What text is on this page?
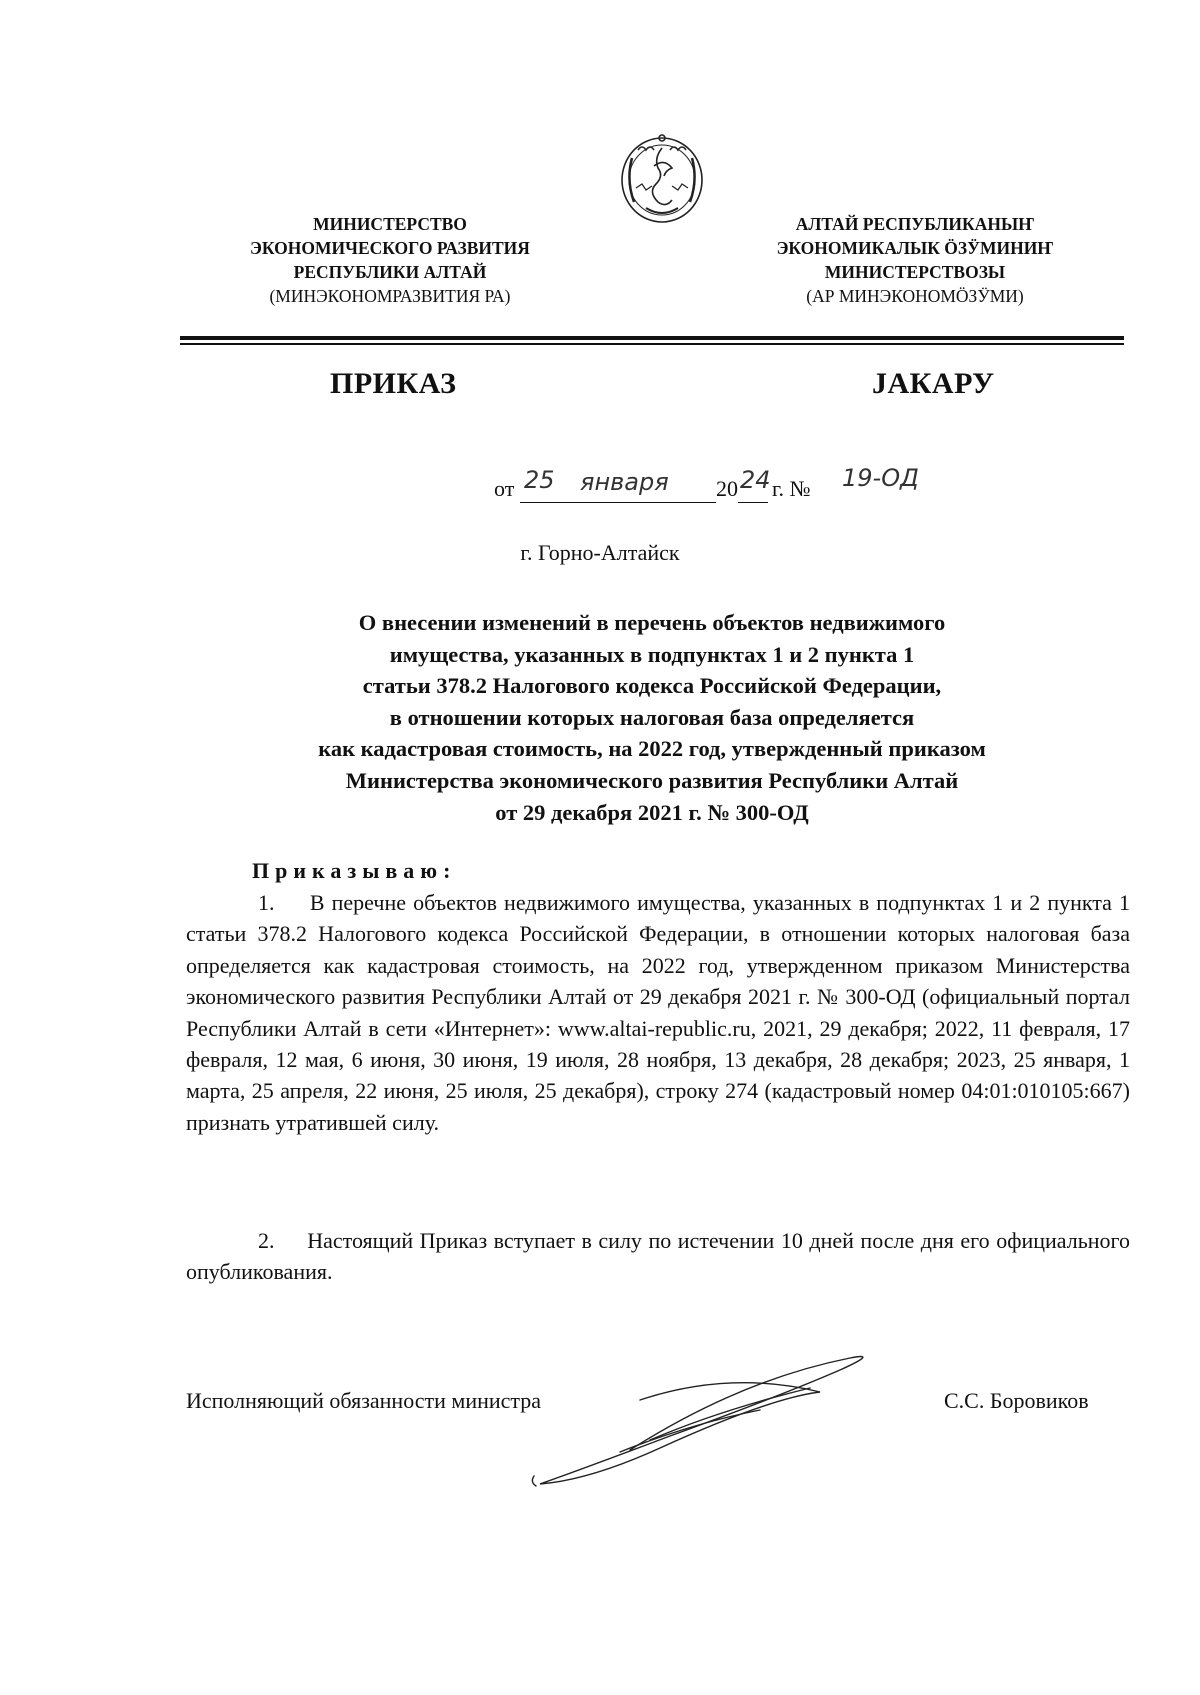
МИНИСТЕРСТВО
ЭКОНОМИЧЕСКОГО РАЗВИТИЯ
РЕСПУБЛИКИ АЛТАЙ
(МИНЭКОНОМРАЗВИТИЯ РА)
АЛТАЙ РЕСПУБЛИКАНЫҤ
ЭКОНОМИКАЛЫК ÖЗӰМИНИҤ
МИНИСТЕРСТВОЗЫ
(АР МИНЭКОНОМÖЗӰМИ)
ПРИКАЗ	ЈАКАРУ
от 25 января 20 24 г. № 19-ОД
г. Горно-Алтайск
О внесении изменений в перечень объектов недвижимого
имущества, указанных в подпунктах 1 и 2 пункта 1
статьи 378.2 Налогового кодекса Российской Федерации,
в отношении которых налоговая база определяется
как кадастровая стоимость, на 2022 год, утвержденный приказом
Министерства экономического развития Республики Алтай
от 29 декабря 2021 г. № 300-ОД
Приказываю:
1.     В перечне объектов недвижимого имущества, указанных в подпунктах 1 и 2 пункта 1 статьи 378.2 Налогового кодекса Российской Федерации, в отношении которых налоговая база определяется как кадастровая стоимость, на 2022 год, утвержденном приказом Министерства экономического развития Республики Алтай от 29 декабря 2021 г. № 300-ОД (официальный портал Республики Алтай в сети «Интернет»: www.altai-republic.ru, 2021, 29 декабря; 2022, 11 февраля, 17 февраля, 12 мая, 6 июня, 30 июня, 19 июля, 28 ноября, 13 декабря, 28 декабря; 2023, 25 января, 1 марта, 25 апреля, 22 июня, 25 июля, 25 декабря), строку 274 (кадастровый номер 04:01:010105:667) признать утратившей силу.
2.     Настоящий Приказ вступает в силу по истечении 10 дней после дня его официального опубликования.
Исполняющий обязанности министра	С.С. Боровиков
